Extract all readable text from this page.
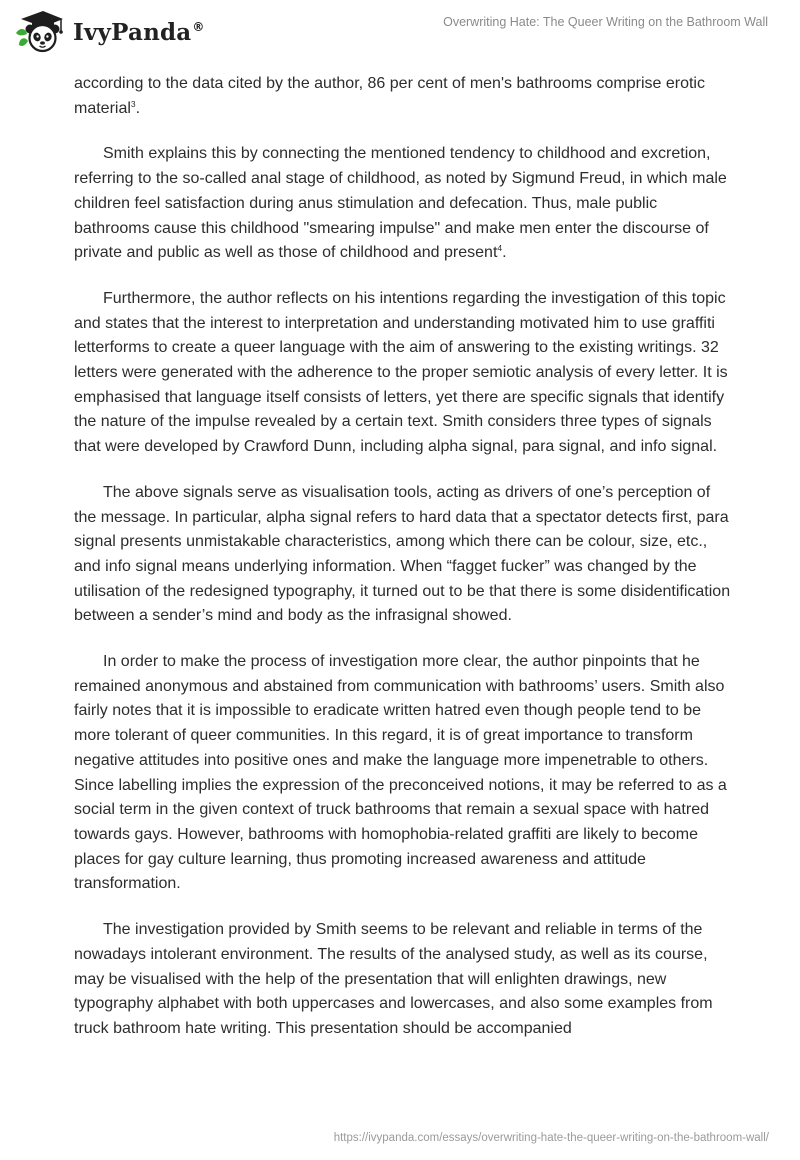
IvyPanda®	Overwriting Hate: The Queer Writing on the Bathroom Wall

according to the data cited by the author, 86 per cent of men's bathrooms comprise erotic material$^3$.

Smith explains this by connecting the mentioned tendency to childhood and excretion, referring to the so-called anal stage of childhood, as noted by Sigmund Freud, in which male children feel satisfaction during anus stimulation and defecation. Thus, male public bathrooms cause this childhood "smearing impulse" and make men enter the discourse of private and public as well as those of childhood and present$^4$.

Furthermore, the author reflects on his intentions regarding the investigation of this topic and states that the interest to interpretation and understanding motivated him to use graffiti letterforms to create a queer language with the aim of answering to the existing writings. 32 letters were generated with the adherence to the proper semiotic analysis of every letter. It is emphasised that language itself consists of letters, yet there are specific signals that identify the nature of the impulse revealed by a certain text. Smith considers three types of signals that were developed by Crawford Dunn, including alpha signal, para signal, and info signal.

The above signals serve as visualisation tools, acting as drivers of one’s perception of the message. In particular, alpha signal refers to hard data that a spectator detects first, para signal presents unmistakable characteristics, among which there can be colour, size, etc., and info signal means underlying information. When “fagget fucker” was changed by the utilisation of the redesigned typography, it turned out to be that there is some disidentification between a sender’s mind and body as the infrasignal showed.

In order to make the process of investigation more clear, the author pinpoints that he remained anonymous and abstained from communication with bathrooms’ users. Smith also fairly notes that it is impossible to eradicate written hatred even though people tend to be more tolerant of queer communities. In this regard, it is of great importance to transform negative attitudes into positive ones and make the language more impenetrable to others. Since labelling implies the expression of the preconceived notions, it may be referred to as a social term in the given context of truck bathrooms that remain a sexual space with hatred towards gays. However, bathrooms with homophobia-related graffiti are likely to become places for gay culture learning, thus promoting increased awareness and attitude transformation.

The investigation provided by Smith seems to be relevant and reliable in terms of the nowadays intolerant environment. The results of the analysed study, as well as its course, may be visualised with the help of the presentation that will enlighten drawings, new typography alphabet with both uppercases and lowercases, and also some examples from truck bathroom hate writing. This presentation should be accompanied

https://ivypanda.com/essays/overwriting-hate-the-queer-writing-on-the-bathroom-wall/
